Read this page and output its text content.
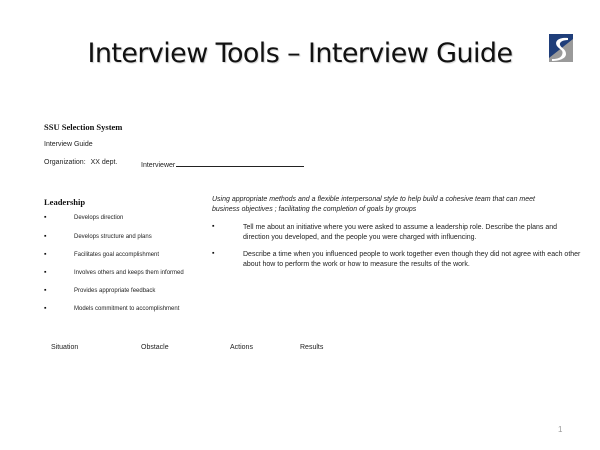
Interview Tools – Interview Guide
SSU Selection System
Interview Guide
Organization: XX dept.	Interviewer
Leadership
▪	Develops direction
▪	Develops structure and plans
▪	Facilitates goal accomplishment
▪	Involves others and keeps them informed
▪	Provides appropriate feedback
▪	Models commitment to accomplishment
Using appropriate methods and a flexible interpersonal style to help build a cohesive team that can meet business objectives ; facilitating the completion of goals by groups
▪	Tell me about an initiative where you were asked to assume a leadership role. Describe the plans and direction you developed, and the people you were charged with influencing.
▪	Describe a time when you influenced people to work together even though they did not agree with each other about how to perform the work or how to measure the results of the work.
Situation	Obstacle	Actions	Results
1
